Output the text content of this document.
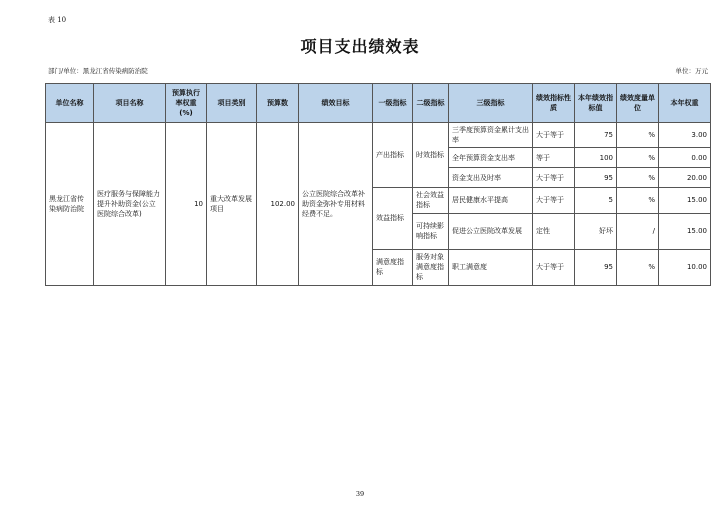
表 10
项目支出绩效表
部门/单位：黑龙江省传染病防治院	单位：万元
单位名称	项目名称	预算执行率权重(%)	项目类别	预算数	绩效目标	一级指标	二级指标	三级指标	绩效指标性质	本年绩效指标值	绩效度量单位	本年权重
黑龙江省传染病防治院	医疗服务与保障能力提升补助资金(公立医院综合改革)	10	重大改革发展项目	102.00	公立医院综合改革补助资金弥补专用材料经费不足。	产出指标	时效指标	三季度预算资金累计支出率	大于等于	75	%	3.00
								全年预算资金支出率	等于	100	%	0.00
								资金支出及时率	大于等于	95	%	20.00
						效益指标	社会效益指标	居民健康水平提高	大于等于	5	%	15.00
							可持续影响指标	促进公立医院改革发展	定性	好坏	/	15.00
						满意度指标	服务对象满意度指标	职工满意度	大于等于	95	%	10.00
39
